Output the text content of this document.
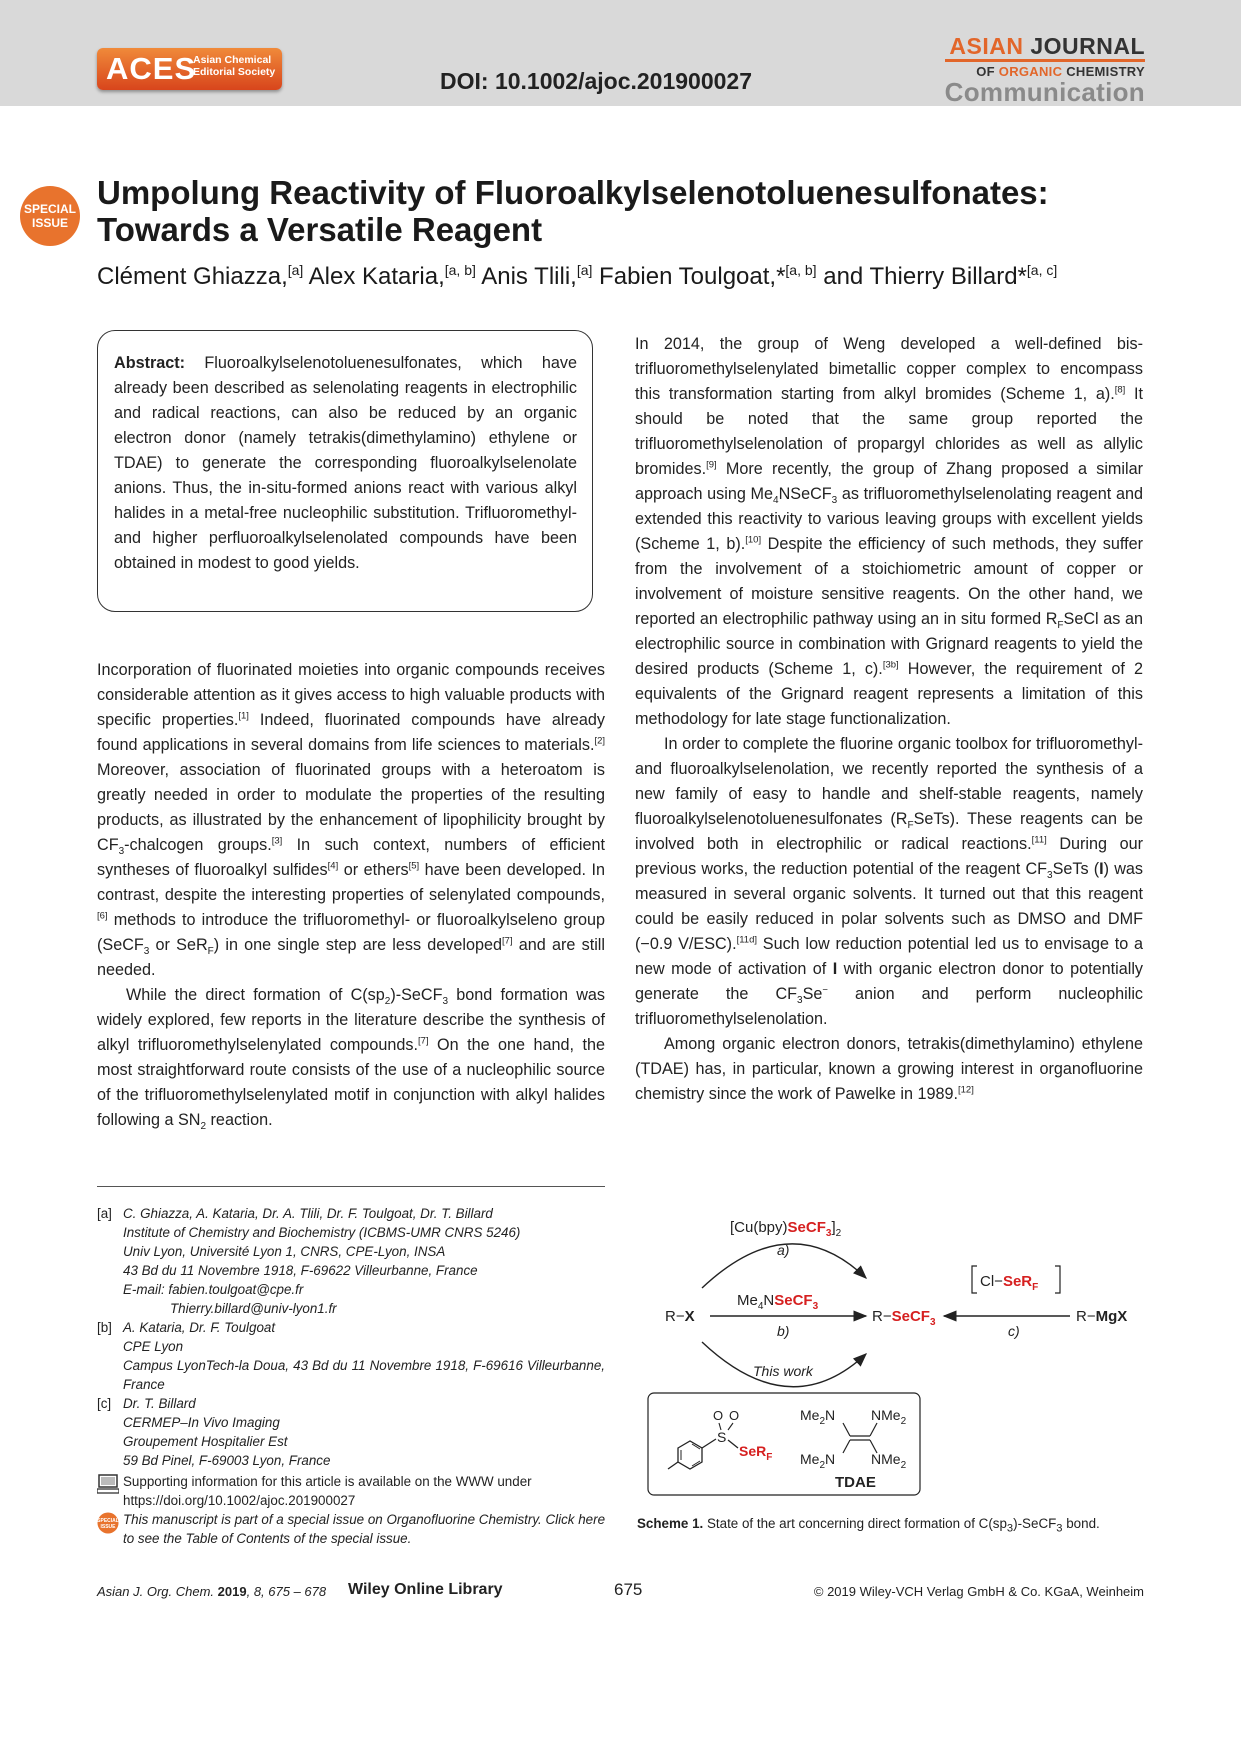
ACES
Asian Chemical
Editorial Society	DOI: 10.1002/ajoc.201900027
ASIAN JOURNAL
OF ORGANIC CHEMISTRY
Communication
SPECIAL
ISSUE
Umpolung Reactivity of Fluoroalkylselenotoluenesulfonates:
Towards a Versatile Reagent
Clément Ghiazza,[a] Alex Kataria,[a, b] Anis Tlili,[a] Fabien Toulgoat,*[a, b] and Thierry Billard*[a, c]
Abstract: Fluoroalkylselenotoluenesulfonates, which have already been described as selenolating reagents in electrophilic and radical reactions, can also be reduced by an organic electron donor (namely tetrakis(dimethylamino) ethylene or TDAE) to generate the corresponding fluoroalkylselenolate anions. Thus, the in-situ-formed anions react with various alkyl halides in a metal-free nucleophilic substitution. Trifluoromethyl- and higher perfluoroalkylselenolated compounds have been obtained in modest to good yields.

Incorporation of fluorinated moieties into organic compounds receives considerable attention as it gives access to high valuable products with specific properties.[1] Indeed, fluorinated compounds have already found applications in several domains from life sciences to materials.[2] Moreover, association of fluorinated groups with a heteroatom is greatly needed in order to modulate the properties of the resulting products, as illustrated by the enhancement of lipophilicity brought by $CF_3$-chalcogen groups.[3] In such context, numbers of efficient syntheses of fluoroalkyl sulfides[4] or ethers[5] have been developed. In contrast, despite the interesting properties of selenylated compounds,[6] methods to introduce the trifluoromethyl- or fluoroalkylseleno group (SeCF$_3$ or SeR$_F$) in one single step are less developed[7] and are still needed.

While the direct formation of $C(sp_2)-SeCF_3$ bond formation was widely explored, few reports in the literature describe the synthesis of alkyl trifluoromethylselenylated compounds.[7] On the one hand, the most straightforward route consists of the use of a nucleophilic source of the trifluoromethylselenylated motif in conjunction with alkyl halides following a $SN_2$ reaction.

In 2014, the group of Weng developed a well-defined bis-trifluoromethylselenylated bimetallic copper complex to encompass this transformation starting from alkyl bromides (Scheme 1, a).[8] It should be noted that the same group reported the trifluoromethylselenolation of propargyl chlorides as well as allylic bromides.[9] More recently, the group of Zhang proposed a similar approach using $Me_4NSeCF_3$ as trifluoromethylselenolating reagent and extended this reactivity to various leaving groups with excellent yields (Scheme 1, b).[10] Despite the efficiency of such methods, they suffer from the involvement of a stoichiometric amount of copper or involvement of moisture sensitive reagents. On the other hand, we reported an electrophilic pathway using an in situ formed $R_FSeCl$ as an electrophilic source in combination with Grignard reagents to yield the desired products (Scheme 1, c).[3b] However, the requirement of 2 equivalents of the Grignard reagent represents a limitation of this methodology for late stage functionalization.

In order to complete the fluorine organic toolbox for trifluoromethyl- and fluoroalkylselenolation, we recently reported the synthesis of a new family of easy to handle and shelf-stable reagents, namely fluoroalkylselenotoluenesulfonates $(R_FSeTs)$. These reagents can be involved both in electrophilic or radical reactions.[11] During our previous works, the reduction potential of the reagent $CF_3SeTs$ (I) was measured in several organic solvents. It turned out that this reagent could be easily reduced in polar solvents such as DMSO and DMF (−0.9 V/ESC).[11d] Such low reduction potential led us to envisage to a new mode of activation of I with organic electron donor to potentially generate the $CF_3Se^-$ anion and perform nucleophilic trifluoromethylselenolation.

Among organic electron donors, tetrakis(dimethylamino) ethylene (TDAE) has, in particular, known a growing interest in organofluorine chemistry since the work of Pawelke in 1989.[12]

[a] C. Ghiazza, A. Kataria, Dr. A. Tlili, Dr. F. Toulgoat, Dr. T. Billard
Institute of Chemistry and Biochemistry (ICBMS-UMR CNRS 5246)
Univ Lyon, Université Lyon 1, CNRS, CPE-Lyon, INSA
43 Bd du 11 Novembre 1918, F-69622 Villeurbanne, France
E-mail: fabien.toulgoat@cpe.fr
Thierry.billard@univ-lyon1.fr
[b] A. Kataria, Dr. F. Toulgoat
CPE Lyon
Campus LyonTech-la Doua, 43 Bd du 11 Novembre 1918, F-69616 Villeurbanne, France
[c] Dr. T. Billard
CERMEP–In Vivo Imaging
Groupement Hospitalier Est
59 Bd Pinel, F-69003 Lyon, France
Supporting information for this article is available on the WWW under https://doi.org/10.1002/ajoc.201900027
SPECIAL
ISSUE This manuscript is part of a special issue on Organofluorine Chemistry. Click here to see the Table of Contents of the special issue.
$[Cu(bpy)SeCF_3]_2$
a)
$Me_4NSeCF_3$
b)
This work
R−X	R−SeCF$_3$
Cl−SeR$_F$
c)
R−MgX
S
O O
SeR$_F$
$Me_2N$	NMe$_2$
$Me_2N$	NMe$_2$
TDAE
Scheme 1. State of the art concerning direct formation of $C(sp_3)-SeCF_3$ bond.
Asian J. Org. Chem. 2019, 8, 675 – 678 Wiley Online Library	675	© 2019 Wiley-VCH Verlag GmbH & Co. KGaA, Weinheim
